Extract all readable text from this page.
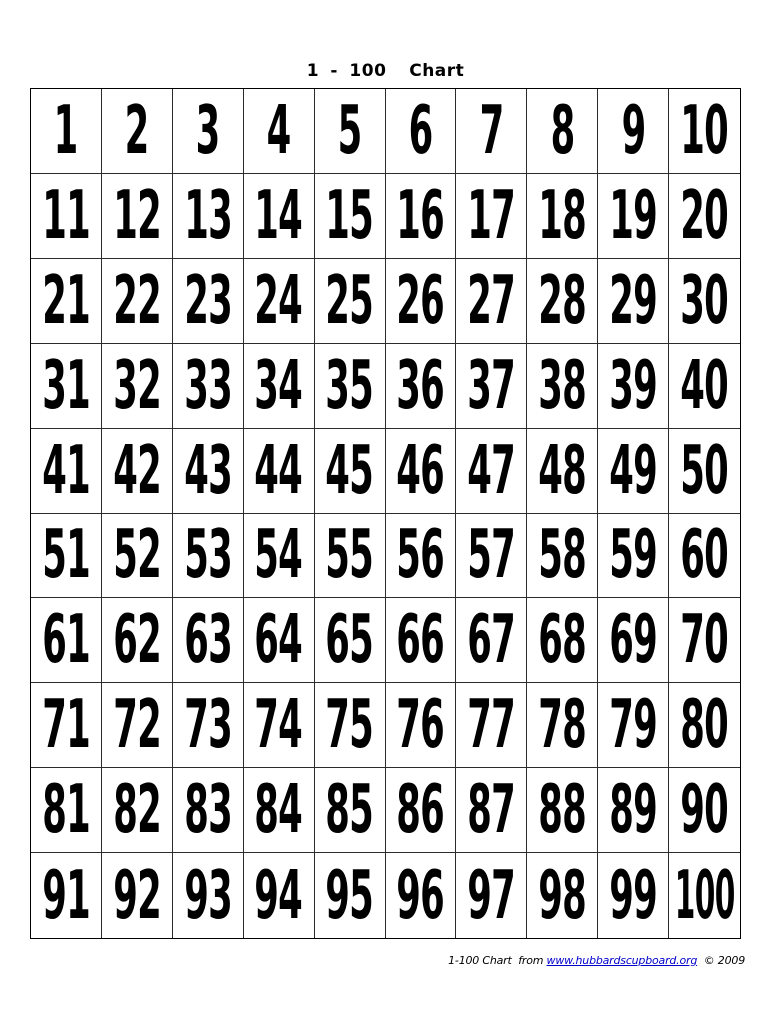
1 - 100  Chart
1 2 3 4 5 6 7 8 9 10
11 12 13 14 15 16 17 18 19 20
21 22 23 24 25 26 27 28 29 30
31 32 33 34 35 36 37 38 39 40
41 42 43 44 45 46 47 48 49 50
51 52 53 54 55 56 57 58 59 60
61 62 63 64 65 66 67 68 69 70
71 72 73 74 75 76 77 78 79 80
81 82 83 84 85 86 87 88 89 90
91 92 93 94 95 96 97 98 99 100

1-100 Chart  from www.hubbardscupboard.org  © 2009
